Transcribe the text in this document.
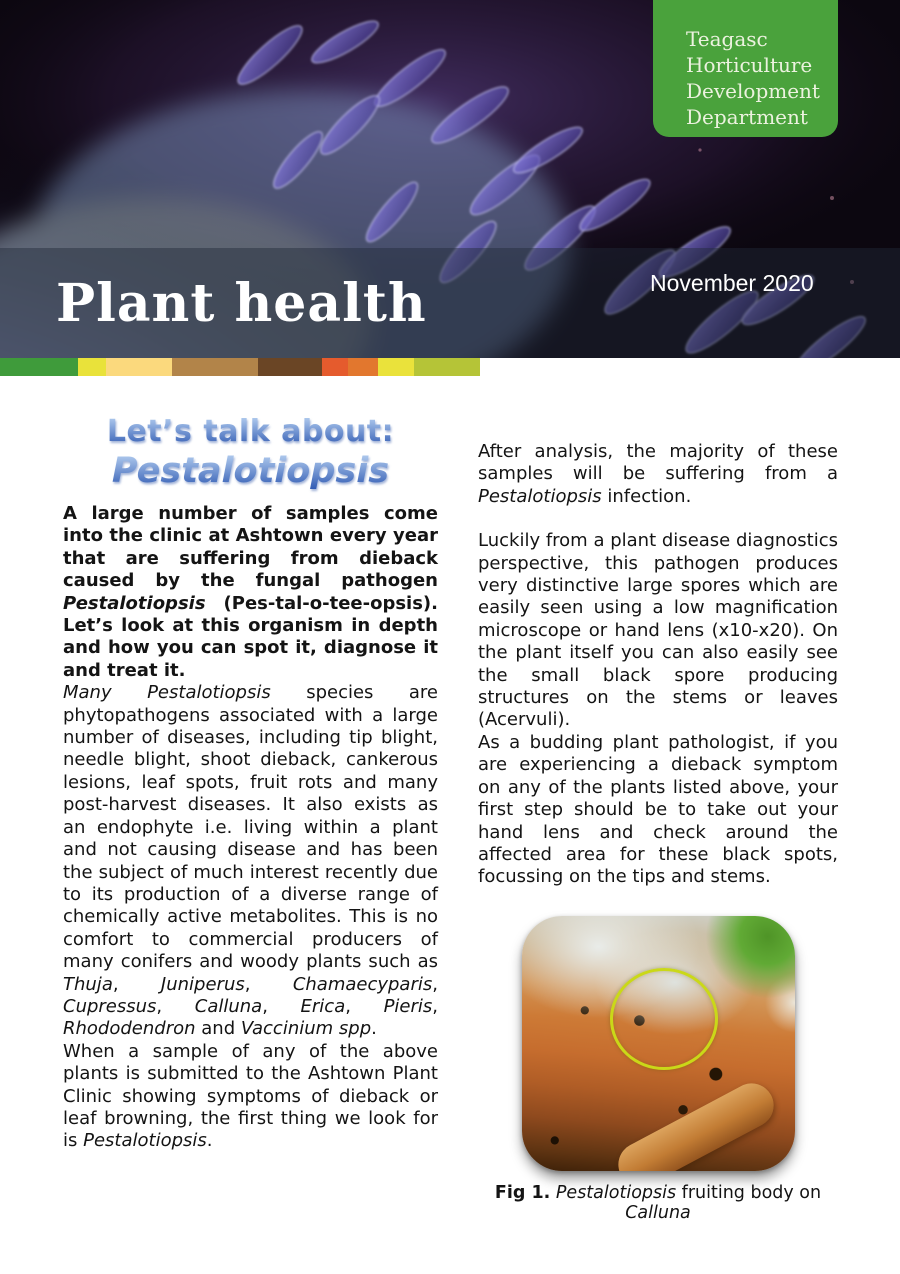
Teagasc
Horticulture
Development
Department
Plant health	November 2020
Let’s talk about:
Pestalotiopsis

A large number of samples come into the clinic at Ashtown every year that are suffering from dieback caused by the fungal pathogen Pestalotiopsis (Pes-tal-o-tee-opsis). Let’s look at this organism in depth and how you can spot it, diagnose it and treat it.

Many Pestalotiopsis species are phytopathogens associated with a large number of diseases, including tip blight, needle blight, shoot dieback, cankerous lesions, leaf spots, fruit rots and many post-harvest diseases. It also exists as an endophyte i.e. living within a plant and not causing disease and has been the subject of much interest recently due to its production of a diverse range of chemically active metabolites. This is no comfort to commercial producers of many conifers and woody plants such as Thuja, Juniperus, Chamaecyparis, Cupressus, Calluna, Erica, Pieris, Rhododendron and Vaccinium spp.

When a sample of any of the above plants is submitted to the Ashtown Plant Clinic showing symptoms of dieback or leaf browning, the first thing we look for is Pestalotiopsis.

After analysis, the majority of these samples will be suffering from a Pestalotiopsis infection.

Luckily from a plant disease diagnostics perspective, this pathogen produces very distinctive large spores which are easily seen using a low magnification microscope or hand lens (x10-x20). On the plant itself you can also easily see the small black spore producing structures on the stems or leaves (Acervuli).

As a budding plant pathologist, if you are experiencing a dieback symptom on any of the plants listed above, your first step should be to take out your hand lens and check around the affected area for these black spots, focussing on the tips and stems.

Fig 1. Pestalotiopsis fruiting body on Calluna
